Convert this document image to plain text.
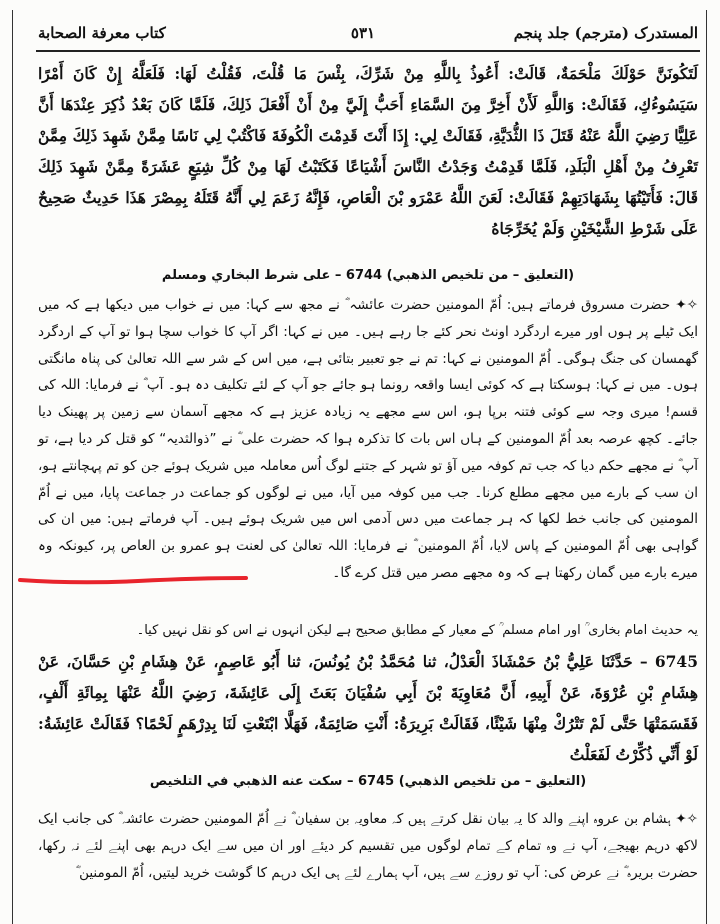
المستدرک (مترجم) جلد پنجم
٥٣١
کتاب معرفة الصحابة
لَتَكُونَنَّ حَوْلَكَ مَلْحَمَةٌ، قَالَتْ: أَعُوذُ بِاللَّهِ مِنْ شَرِّكَ، بِئْسَ مَا قُلْتَ، فَقُلْتُ لَهَا: فَلَعَلَّهُ إِنْ كَانَ أَمْرًا سَيَسُوءُكِ، فَقَالَتْ: وَاللَّهِ لَأَنْ أَخِرَّ مِنَ السَّمَاءِ أَحَبُّ إِلَيَّ مِنْ أَنْ أَفْعَلَ ذَلِكَ، فَلَمَّا كَانَ بَعْدُ ذُكِرَ عِنْدَهَا أَنَّ عَلِيًّا رَضِيَ اللَّهُ عَنْهُ قَتَلَ ذَا الثُّدَيَّةِ، فَقَالَتْ لِي: إِذَا أَنْتَ قَدِمْتَ الْكُوفَةَ فَاكْتُبْ لِي نَاسًا مِمَّنْ شَهِدَ ذَلِكَ مِمَّنْ تَعْرِفُ مِنْ أَهْلِ الْبَلَدِ، فَلَمَّا قَدِمْتُ وَجَدْتُ النَّاسَ أَشْيَاعًا فَكَتَبْتُ لَهَا مِنْ كُلِّ شِيَعٍ عَشَرَةً مِمَّنْ شَهِدَ ذَلِكَ قَالَ: فَأَتَيْتُهَا بِشَهَادَتِهِمْ فَقَالَتْ: لَعَنَ اللَّهُ عَمْرَو بْنَ الْعَاصِ، فَإِنَّهُ زَعَمَ لِي أَنَّهُ قَتَلَهُ بِمِصْرَ هَذَا حَدِيثٌ صَحِيحٌ عَلَى شَرْطِ الشَّيْخَيْنِ وَلَمْ يُخَرِّجَاهُ
(التعليق – من تلخيص الذهبي) 6744 – على شرط البخاري ومسلم
✧✦ حضرت مسروق فرماتے ہیں: اُمّ المومنین حضرت عائشہ ؓ نے مجھ سے کہا: میں نے خواب میں دیکھا ہے کہ میں ایک ٹیلے پر ہوں اور میرے اردگرد اونٹ نحر کئے جا رہے ہیں۔ میں نے کہا: اگر آپ کا خواب سچا ہوا تو آپ کے اردگرد گھمسان کی جنگ ہوگی۔ اُمّ المومنین نے کہا: تم نے جو تعبیر بتائی ہے، میں اس کے شر سے اللہ تعالیٰ کی پناہ مانگتی ہوں۔ میں نے کہا: ہوسکتا ہے کہ کوئی ایسا واقعہ رونما ہو جائے جو آپ کے لئے تکلیف دہ ہو۔ آپ ؓ نے فرمایا: اللہ کی قسم! میری وجہ سے کوئی فتنہ برپا ہو، اس سے مجھے یہ زیادہ عزیز ہے کہ مجھے آسمان سے زمین پر پھینک دیا جائے۔ کچھ عرصہ بعد اُمّ المومنین کے ہاں اس بات کا تذکرہ ہوا کہ حضرت علی ؓ نے ”ذوالثدیہ“ کو قتل کر دیا ہے، تو آپ ؓ نے مجھے حکم دیا کہ جب تم کوفہ میں آؤ تو شہر کے جتنے لوگ اُس معاملہ میں شریک ہوئے جن کو تم پہچانتے ہو، ان سب کے بارے میں مجھے مطلع کرنا۔ جب میں کوفہ میں آیا، میں نے لوگوں کو جماعت در جماعت پایا، میں نے اُمّ المومنین کی جانب خط لکھا کہ ہر جماعت میں دس آدمی اس میں شریک ہوئے ہیں۔ آپ فرماتے ہیں: میں ان کی گواہی بھی اُمّ المومنین کے پاس لایا، اُمّ المومنین ؓ نے فرمایا: اللہ تعالیٰ کی لعنت ہو عمرو بن العاص پر، کیونکہ وہ میرے بارے میں گمان رکھتا ہے کہ وہ مجھے مصر میں قتل کرے گا۔
یہ حدیث امام بخاری ؒ اور امام مسلم ؒ کے معیار کے مطابق صحیح ہے لیکن انہوں نے اس کو نقل نہیں کیا۔
6745 – حَدَّثَنَا عَلِيُّ بْنُ حَمْشَاذَ الْعَدْلُ، ثنا مُحَمَّدُ بْنُ يُونُسَ، ثنا أَبُو عَاصِمٍ، عَنْ هِشَامِ بْنِ حَسَّانَ، عَنْ هِشَامِ بْنِ عُرْوَةَ، عَنْ أَبِيهِ، أَنَّ مُعَاوِيَةَ بْنَ أَبِي سُفْيَانَ بَعَثَ إِلَى عَائِشَةَ، رَضِيَ اللَّهُ عَنْهَا بِمِائَةِ أَلْفٍ، فَقَسَمَتْهَا حَتَّى لَمْ تَتْرُكْ مِنْهَا شَيْئًا، فَقَالَتْ بَرِيرَةُ: أَنْتِ صَائِمَةٌ، فَهَلَّا ابْتَعْتِ لَنَا بِدِرْهَمٍ لَحْمًا؟ فَقَالَتْ عَائِشَةُ: لَوْ أَنِّي ذُكِّرْتُ لَفَعَلْتُ
(التعليق – من تلخيص الذهبي) 6745 – سكت عنه الذهبي في التلخيص
✧✦ ہشام بن عروہ اپنے والد کا یہ بیان نقل کرتے ہیں کہ معاویہ بن سفیان ؓ نے اُمّ المومنین حضرت عائشہ ؓ کی جانب ایک لاکھ درہم بھیجے، آپ نے وہ تمام کے تمام لوگوں میں تقسیم کر دیئے اور ان میں سے ایک درہم بھی اپنے لئے نہ رکھا، حضرت بریرہ ؓ نے عرض کی: آپ تو روزے سے ہیں، آپ ہمارے لئے ہی ایک درہم کا گوشت خرید لیتیں، اُمّ المومنین ؓ
